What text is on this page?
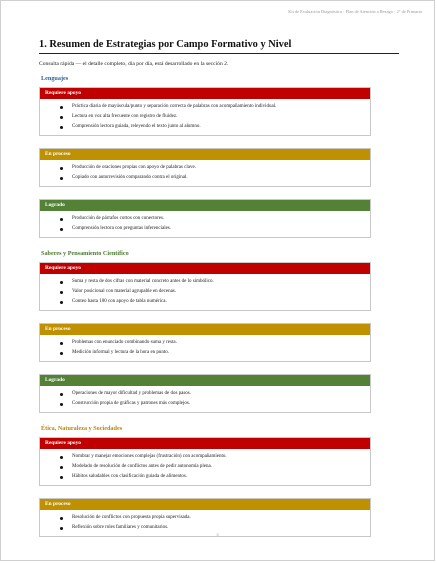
Kit de Evaluación Diagnóstica · Plan de Atención a Rezago · 2° de Primaria
1. Resumen de Estrategias por Campo Formativo y Nivel

Consulta rápida — el detalle completo, día por día, está desarrollado en la sección 2.

Lenguajes
Requiere apoyo
Práctica diaria de mayúscula/punto y separación correcta de palabras con acompañamiento individual.
Lectura en voz alta frecuente con registro de fluidez.
Comprensión lectora guiada, releyendo el texto junto al alumno.
En proceso
Producción de oraciones propias con apoyo de palabras clave.
Copiado con autorrevisión comparando contra el original.
Logrado
Producción de párrafos cortos con conectores.
Comprensión lectora con preguntas inferenciales.
Saberes y Pensamiento Científico
Requiere apoyo
Suma y resta de dos cifras con material concreto antes de lo simbólico.
Valor posicional con material agrupable en decenas.
Conteo hasta 100 con apoyo de tabla numérica.
En proceso
Problemas con enunciado combinando suma y resta.
Medición informal y lectura de la hora en punto.
Logrado
Operaciones de mayor dificultad y problemas de dos pasos.
Construcción propia de gráficas y patrones más complejos.
Ética, Naturaleza y Sociedades
Requiere apoyo
Nombrar y manejar emociones complejas (frustración) con acompañamiento.
Modelado de resolución de conflictos antes de pedir autonomía plena.
Hábitos saludables con clasificación guiada de alimentos.
En proceso
Resolución de conflictos con propuesta propia supervisada.
Reflexión sobre roles familiares y comunitarios.
4
